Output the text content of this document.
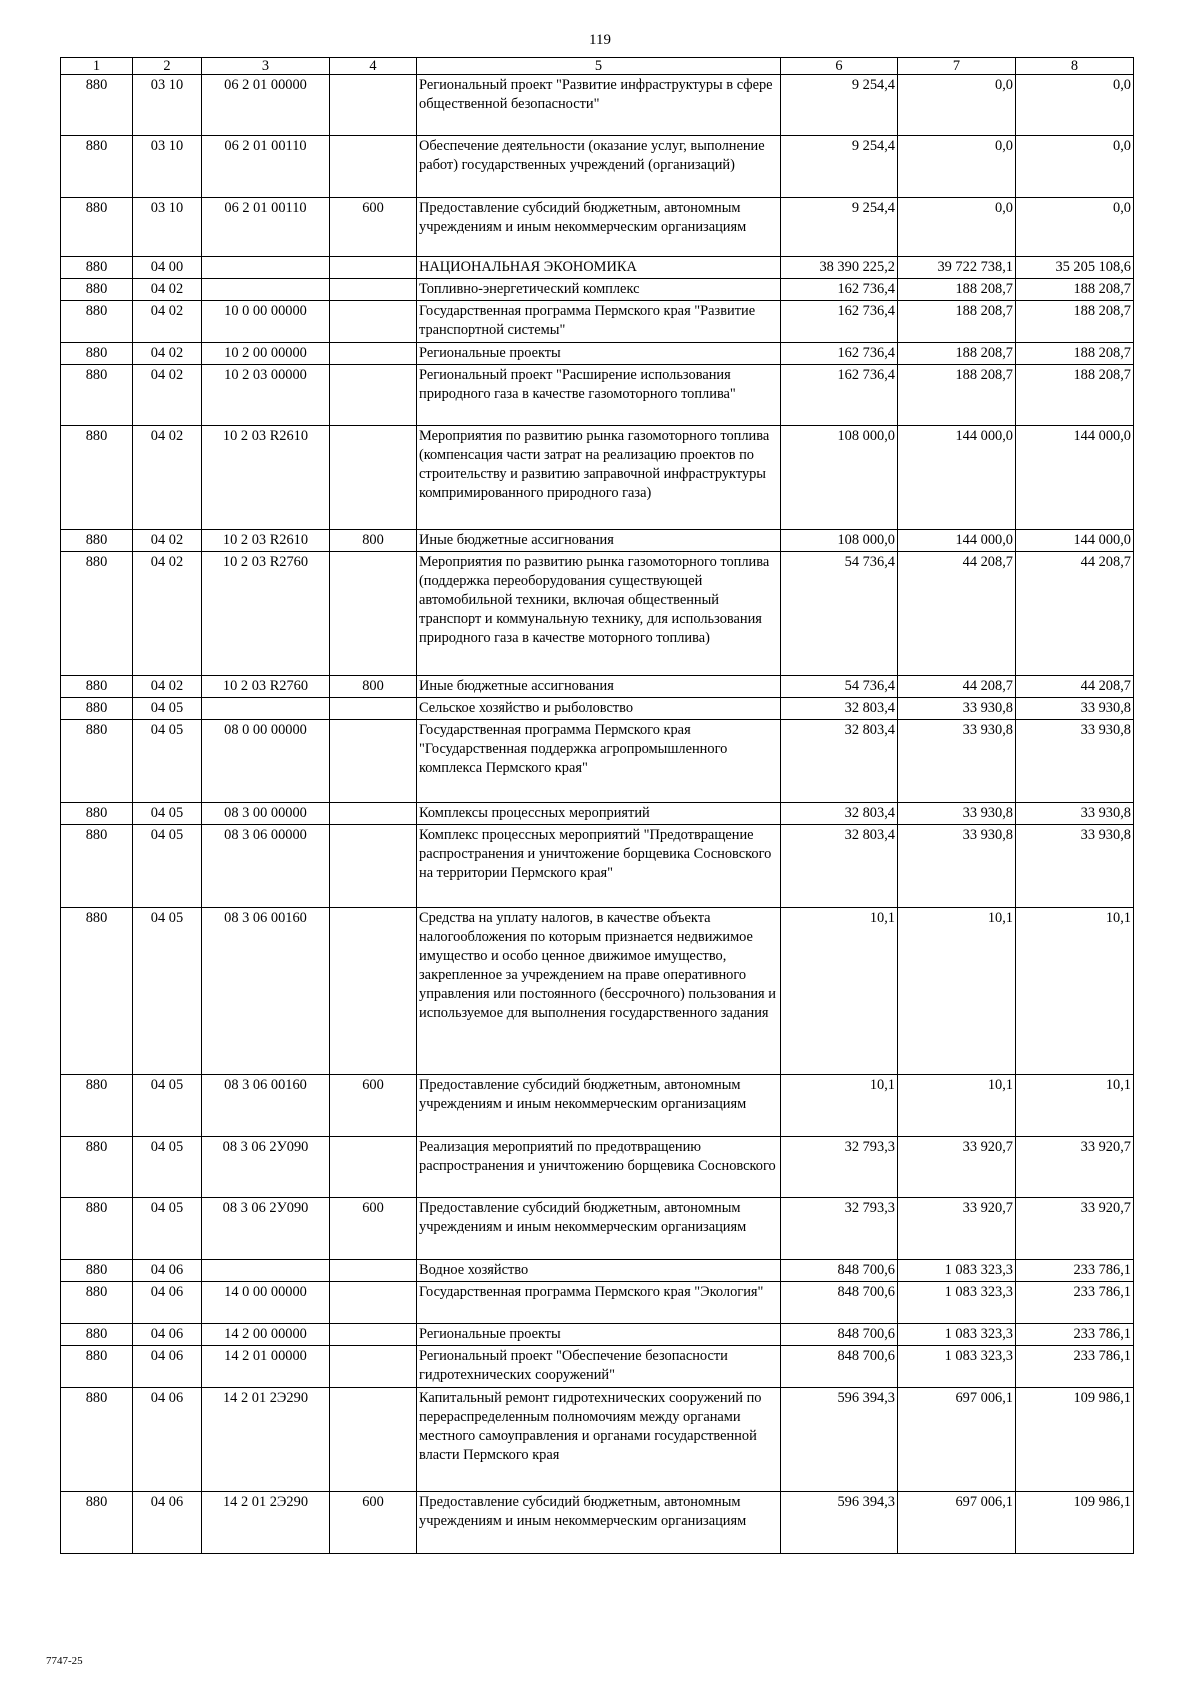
119
1	2	3	4	5	6	7	8
880	03 10	06 2 01 00000		Региональный проект "Развитие инфраструктуры в сфере общественной безопасности"	9 254,4	0,0	0,0
880	03 10	06 2 01 00110		Обеспечение деятельности (оказание услуг, выполнение работ) государственных учреждений (организаций)	9 254,4	0,0	0,0
880	03 10	06 2 01 00110	600	Предоставление субсидий бюджетным, автономным учреждениям и иным некоммерческим организациям	9 254,4	0,0	0,0
880	04 00			НАЦИОНАЛЬНАЯ ЭКОНОМИКА	38 390 225,2	39 722 738,1	35 205 108,6
880	04 02			Топливно-энергетический комплекс	162 736,4	188 208,7	188 208,7
880	04 02	10 0 00 00000		Государственная программа Пермского края "Развитие транспортной системы"	162 736,4	188 208,7	188 208,7
880	04 02	10 2 00 00000		Региональные проекты	162 736,4	188 208,7	188 208,7
880	04 02	10 2 03 00000		Региональный проект "Расширение использования природного газа в качестве газомоторного топлива"	162 736,4	188 208,7	188 208,7
880	04 02	10 2 03 R2610		Мероприятия по развитию рынка газомоторного топлива (компенсация части затрат на реализацию проектов по строительству и развитию заправочной инфраструктуры компримированного природного газа)	108 000,0	144 000,0	144 000,0
880	04 02	10 2 03 R2610	800	Иные бюджетные ассигнования	108 000,0	144 000,0	144 000,0
880	04 02	10 2 03 R2760		Мероприятия по развитию рынка газомоторного топлива (поддержка переоборудования существующей автомобильной техники, включая общественный транспорт и коммунальную технику, для использования природного газа в качестве моторного топлива)	54 736,4	44 208,7	44 208,7
880	04 02	10 2 03 R2760	800	Иные бюджетные ассигнования	54 736,4	44 208,7	44 208,7
880	04 05			Сельское хозяйство и рыболовство	32 803,4	33 930,8	33 930,8
880	04 05	08 0 00 00000		Государственная программа Пермского края "Государственная поддержка агропромышленного комплекса Пермского края"	32 803,4	33 930,8	33 930,8
880	04 05	08 3 00 00000		Комплексы процессных мероприятий	32 803,4	33 930,8	33 930,8
880	04 05	08 3 06 00000		Комплекс процессных мероприятий "Предотвращение распространения и уничтожение борщевика Сосновского на территории Пермского края"	32 803,4	33 930,8	33 930,8
880	04 05	08 3 06 00160		Средства на уплату налогов, в качестве объекта налогообложения по которым признается недвижимое имущество и особо ценное движимое имущество, закрепленное за учреждением на праве оперативного управления или постоянного (бессрочного) пользования и используемое для выполнения государственного задания	10,1	10,1	10,1
880	04 05	08 3 06 00160	600	Предоставление субсидий бюджетным, автономным учреждениям и иным некоммерческим организациям	10,1	10,1	10,1
880	04 05	08 3 06 2У090		Реализация мероприятий по предотвращению распространения и уничтожению борщевика Сосновского	32 793,3	33 920,7	33 920,7
880	04 05	08 3 06 2У090	600	Предоставление субсидий бюджетным, автономным учреждениям и иным некоммерческим организациям	32 793,3	33 920,7	33 920,7
880	04 06			Водное хозяйство	848 700,6	1 083 323,3	233 786,1
880	04 06	14 0 00 00000		Государственная программа Пермского края "Экология"	848 700,6	1 083 323,3	233 786,1
880	04 06	14 2 00 00000		Региональные проекты	848 700,6	1 083 323,3	233 786,1
880	04 06	14 2 01 00000		Региональный проект "Обеспечение безопасности гидротехнических сооружений"	848 700,6	1 083 323,3	233 786,1
880	04 06	14 2 01 2Э290		Капитальный ремонт гидротехнических сооружений по перераспределенным полномочиям между органами местного самоуправления и органами государственной власти Пермского края	596 394,3	697 006,1	109 986,1
880	04 06	14 2 01 2Э290	600	Предоставление субсидий бюджетным, автономным учреждениям и иным некоммерческим организациям	596 394,3	697 006,1	109 986,1
7747-25
